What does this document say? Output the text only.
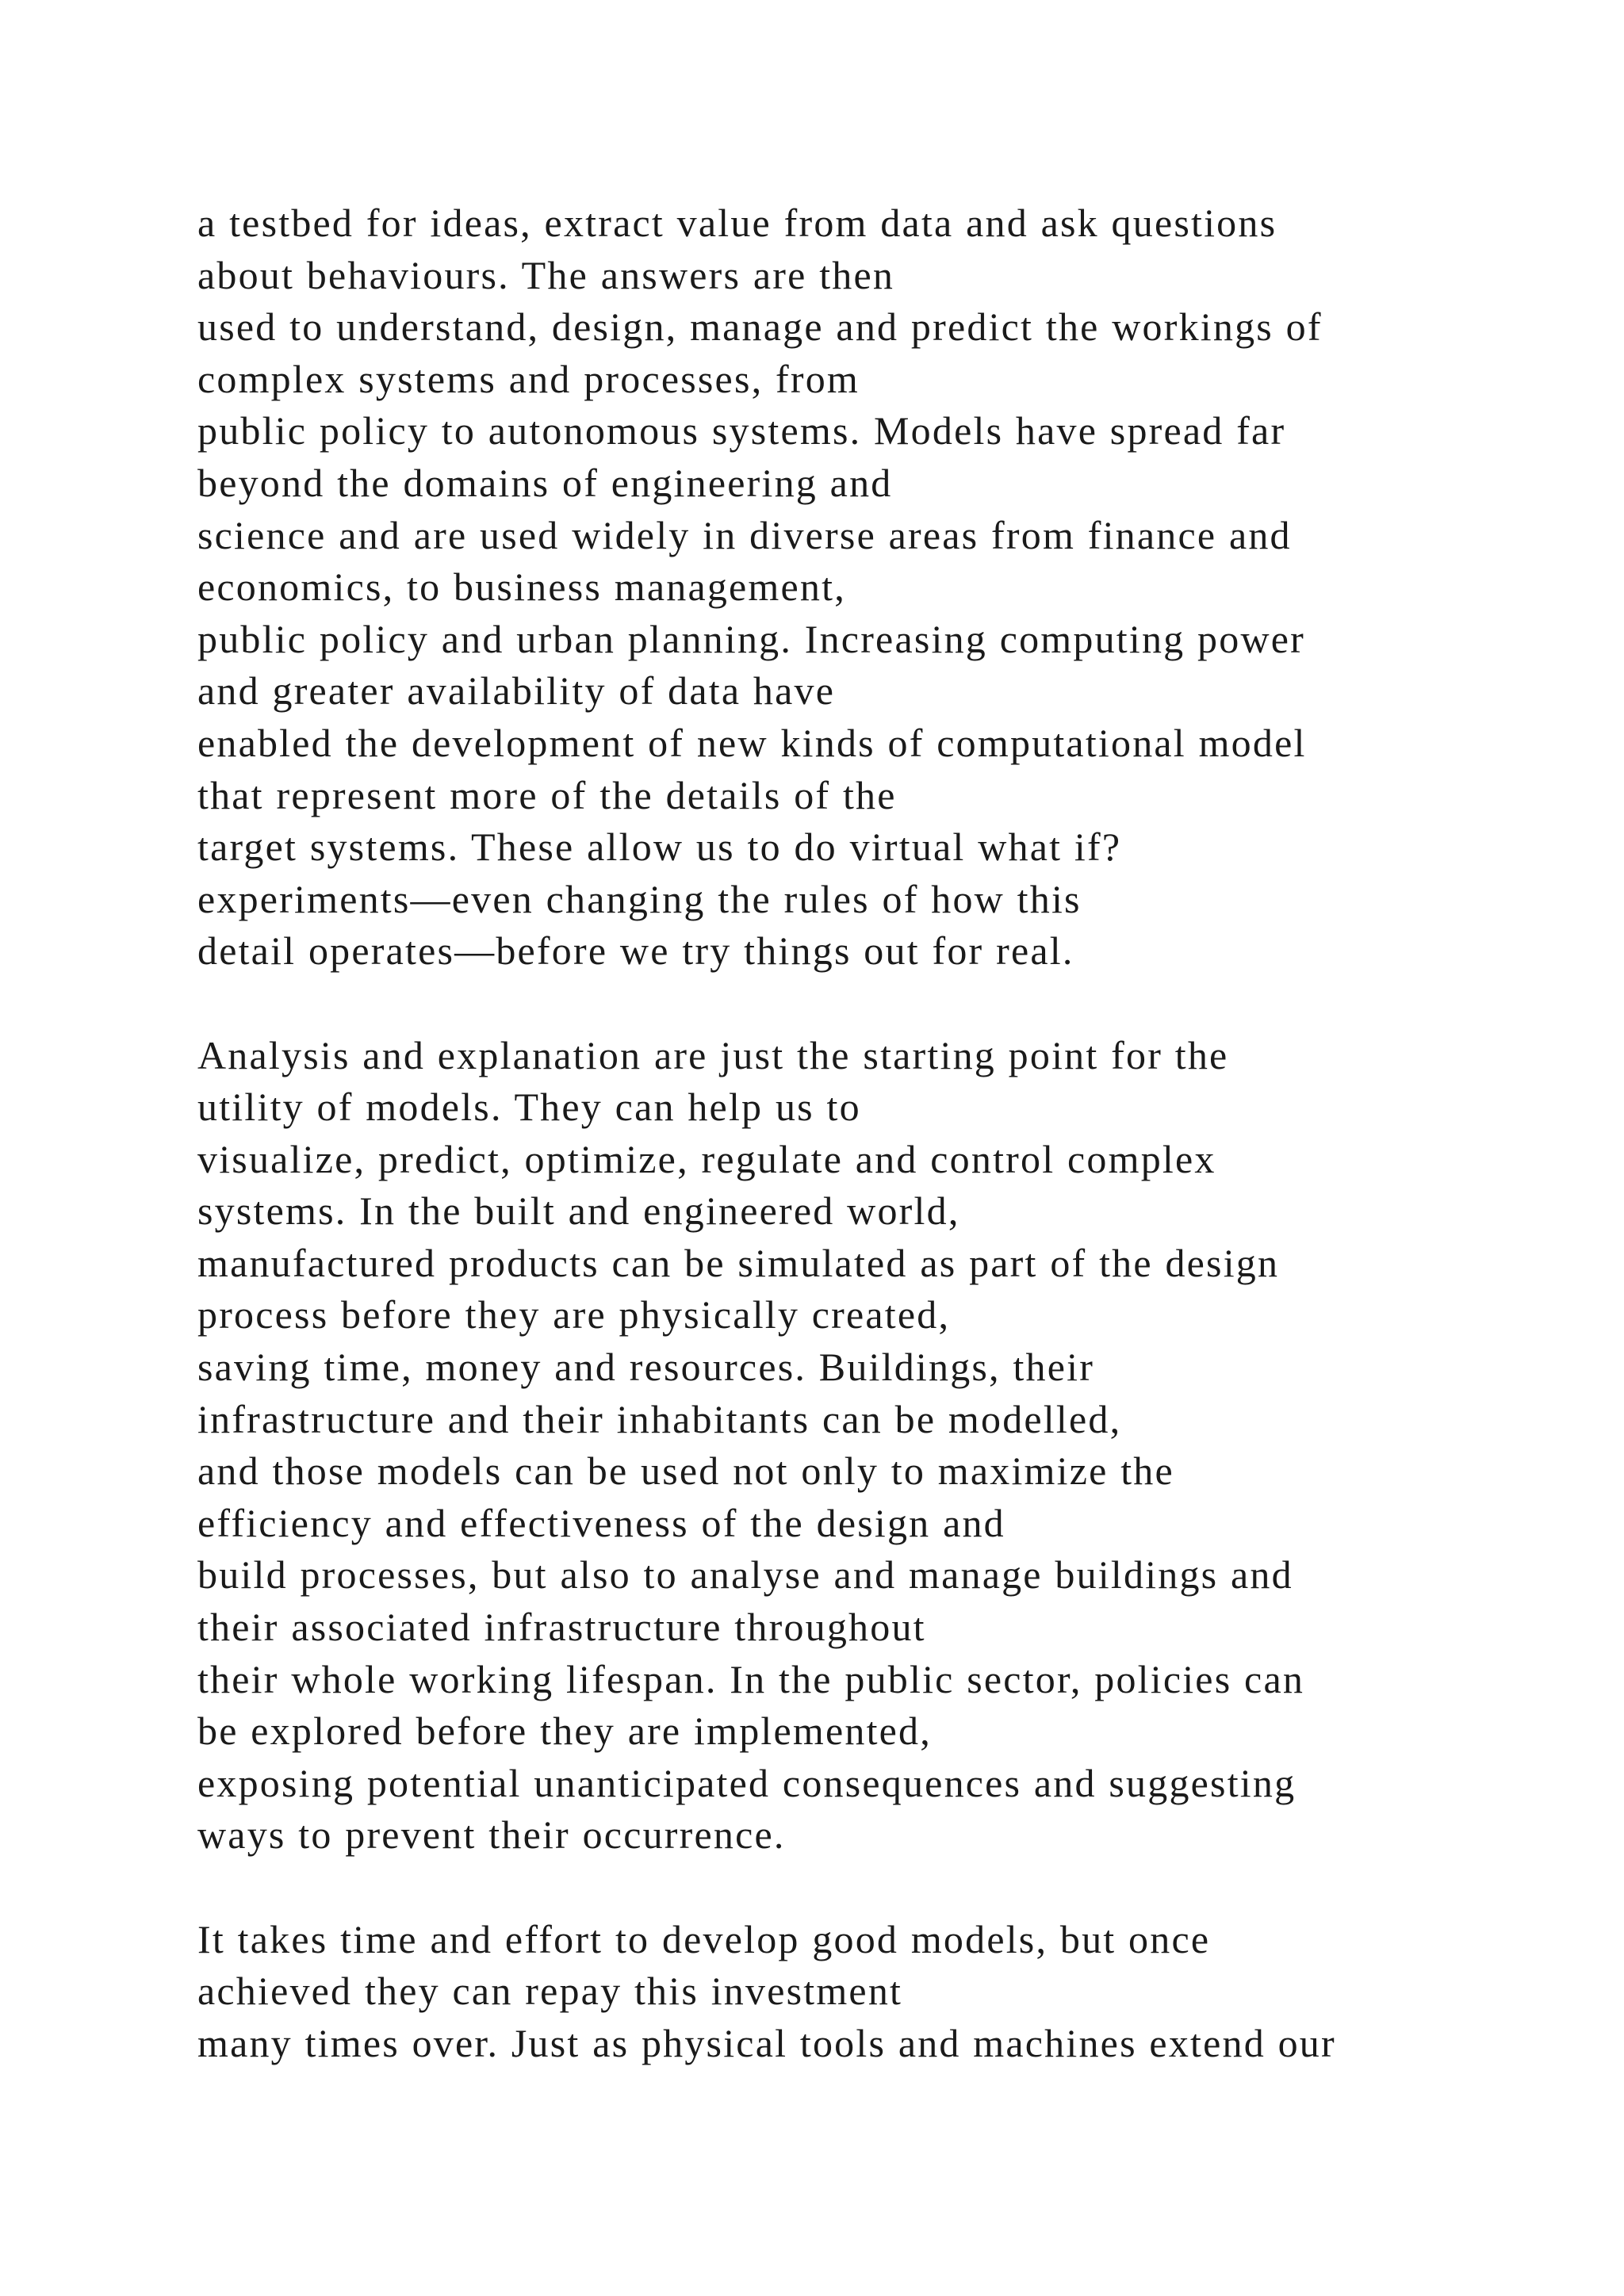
a testbed for ideas, extract value from data and ask questions
about behaviours. The answers are then
used to understand, design, manage and predict the workings of
complex systems and processes, from
public policy to autonomous systems. Models have spread far
beyond the domains of engineering and
science and are used widely in diverse areas from finance and
economics, to business management,
public policy and urban planning. Increasing computing power
and greater availability of data have
enabled the development of new kinds of computational model
that represent more of the details of the
target systems. These allow us to do virtual what if?
experiments—even changing the rules of how this
detail operates—before we try things out for real.
Analysis and explanation are just the starting point for the
utility of models. They can help us to
visualize, predict, optimize, regulate and control complex
systems. In the built and engineered world,
manufactured products can be simulated as part of the design
process before they are physically created,
saving time, money and resources. Buildings, their
infrastructure and their inhabitants can be modelled,
and those models can be used not only to maximize the
efficiency and effectiveness of the design and
build processes, but also to analyse and manage buildings and
their associated infrastructure throughout
their whole working lifespan. In the public sector, policies can
be explored before they are implemented,
exposing potential unanticipated consequences and suggesting
ways to prevent their occurrence.
It takes time and effort to develop good models, but once
achieved they can repay this investment
many times over. Just as physical tools and machines extend our
